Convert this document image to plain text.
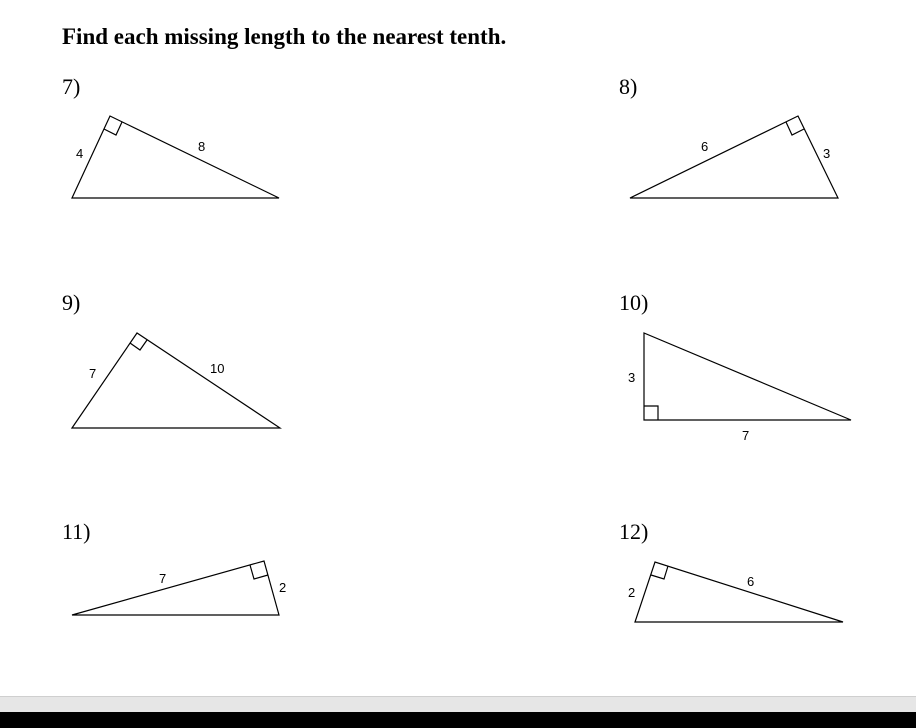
Find each missing length to the nearest tenth.
7)	8)
9)	10)
11)	12)
4	8	6	3
7	10
3
7
7
2	2
6
